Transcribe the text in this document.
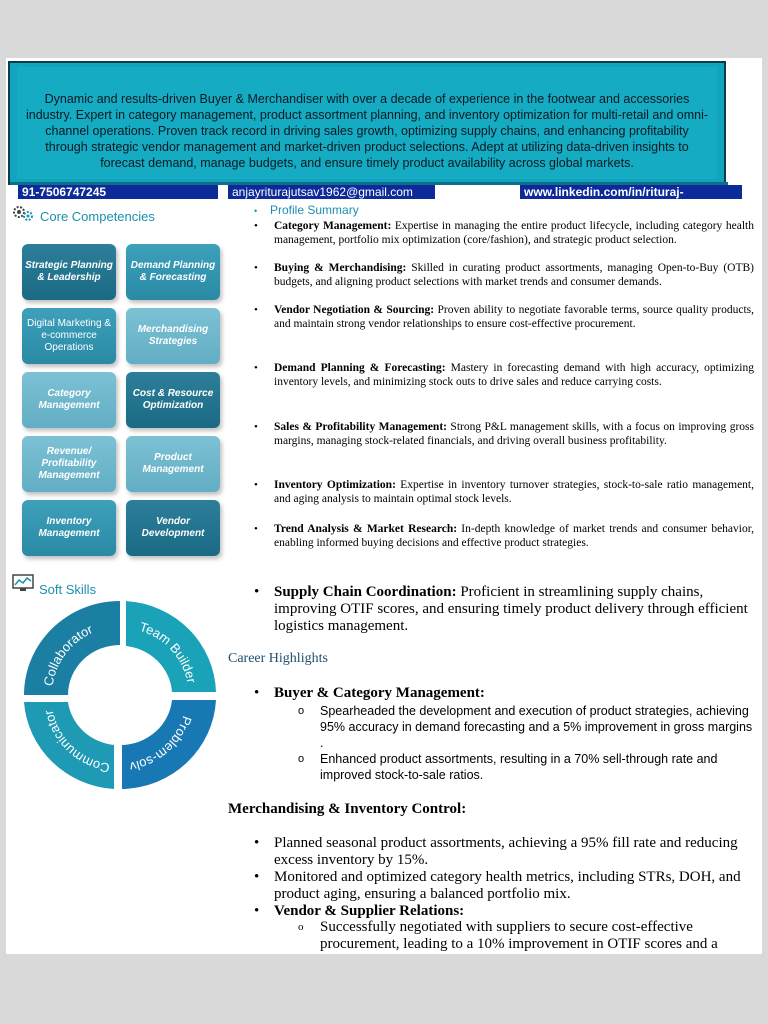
Dynamic and results-driven Buyer & Merchandiser with over a decade of experience in the footwear and accessories industry. Expert in category management, product assortment planning, and inventory optimization for multi-retail and omni-channel operations. Proven track record in driving sales growth, optimizing supply chains, and enhancing profitability through strategic vendor management and market-driven product selections. Adept at utilizing data-driven insights to forecast demand, manage budgets, and ensure timely product availability across global markets.
91-7506747245	anjayriturajutsav1962@gmail.com	www.linkedin.com/in/rituraj-
Core Competencies
Strategic Planning & Leadership
Demand Planning & Forecasting
Digital Marketing & e-commerce Operations
Merchandising Strategies
Category Management
Cost & Resource Optimization
Revenue/ Profitability Management
Product Management
Inventory Management
Vendor Development
Soft Skills
Collaborator	Team Builder
Problem-solv
Communicator
• Profile Summary
• Category Management: Expertise in managing the entire product lifecycle, including category health management, portfolio mix optimization (core/fashion), and strategic product selection.
• Buying & Merchandising: Skilled in curating product assortments, managing Open-to-Buy (OTB) budgets, and aligning product selections with market trends and consumer demands.
• Vendor Negotiation & Sourcing: Proven ability to negotiate favorable terms, source quality products, and maintain strong vendor relationships to ensure cost-effective procurement.
• Demand Planning & Forecasting: Mastery in forecasting demand with high accuracy, optimizing inventory levels, and minimizing stock outs to drive sales and reduce carrying costs.
• Sales & Profitability Management: Strong P&L management skills, with a focus on improving gross margins, managing stock-related financials, and driving overall business profitability.
• Inventory Optimization: Expertise in inventory turnover strategies, stock-to-sale ratio management, and aging analysis to maintain optimal stock levels.
• Trend Analysis & Market Research: In-depth knowledge of market trends and consumer behavior, enabling informed buying decisions and effective product strategies.
• Supply Chain Coordination: Proficient in streamlining supply chains, improving OTIF scores, and ensuring timely product delivery through efficient logistics management.
Career Highlights
• Buyer & Category Management:
o Spearheaded the development and execution of product strategies, achieving 95% accuracy in demand forecasting and a 5% improvement in gross margins .
o Enhanced product assortments, resulting in a 70% sell-through rate and improved stock-to-sale ratios.
Merchandising & Inventory Control:
• Planned seasonal product assortments, achieving a 95% fill rate and reducing excess inventory by 15%.
• Monitored and optimized category health metrics, including STRs, DOH, and product aging, ensuring a balanced portfolio mix.
• Vendor & Supplier Relations:
o Successfully negotiated with suppliers to secure cost-effective procurement, leading to a 10% improvement in OTIF scores and a
